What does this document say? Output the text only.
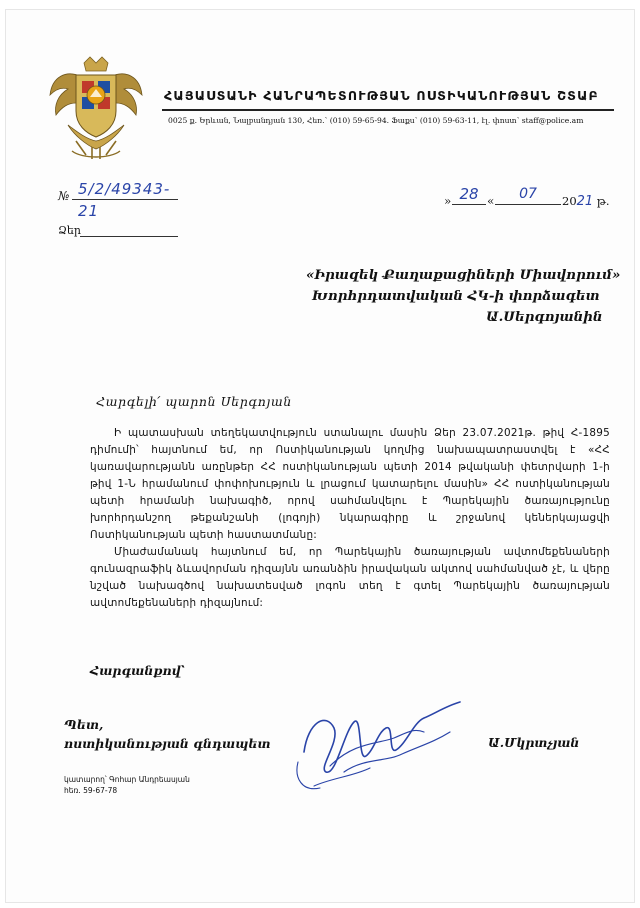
ՀԱՅԱՍՏԱՆԻ ՀԱՆՐԱՊԵՏՈՒԹՅԱՆ ՈՍՏԻԿԱՆՈՒԹՅԱՆ ՇՏԱԲ
0025 ք. Երևան, Նալբանդյան 130, Հեռ.՝ (010) 59-65-94. Ֆաքս՝ (010) 59-63-11, էլ. փոստ՝ staff@police.am
№ 5/2/49343-21
Ձեր
» 28 «	07	2021 թ.
«Իրազեկ Քաղաքացիների Միավորում»
Խորհրդատվական ՀԿ-ի փորձագետ
Ա.Սերգոյանին
Հարգելի՛ պարոն Սերգոյան

Ի պատասխան տեղեկատվություն ստանալու մասին Ձեր 23.07.2021թ. թիվ Հ-1895 դիմումի՝ հայտնում եմ, որ Ոստիկանության կողմից նախապատրաստվել է «ՀՀ կառավարությանն առընթեր ՀՀ ոստիկանության պետի 2014 թվականի փետրվարի 1-ի թիվ 1-Ն հրամանում փոփոխություն և լրացում կատարելու մասին» ՀՀ ոստիկանության պետի հրամանի նախագիծ, որով սահմանվելու է Պարեկային ծառայությունը խորհրդանշող թեքանշանի (լոգոյի) նկարագիրը և շրջանով կեներկայացվի Ոստիկանության պետի հաստատմանը:

Միաժամանակ հայտնում եմ, որ Պարեկային ծառայության ավտոմեքենաների գունազրաֆիկ ձևավորման դիզայնն առանձին իրավական ակտով սահմանված չէ, և վերը նշված նախագծով նախատեսված լոգոն տեղ է գտել Պարեկային ծառայության ավտոմեքենաների դիզայնում:

Հարգանքով՝
Պետ,
ոստիկանության գնդապետ	Ա.Մկրտչյան
կատարող՝ Գոհար Անդրեասյան
հեռ. 59-67-78
